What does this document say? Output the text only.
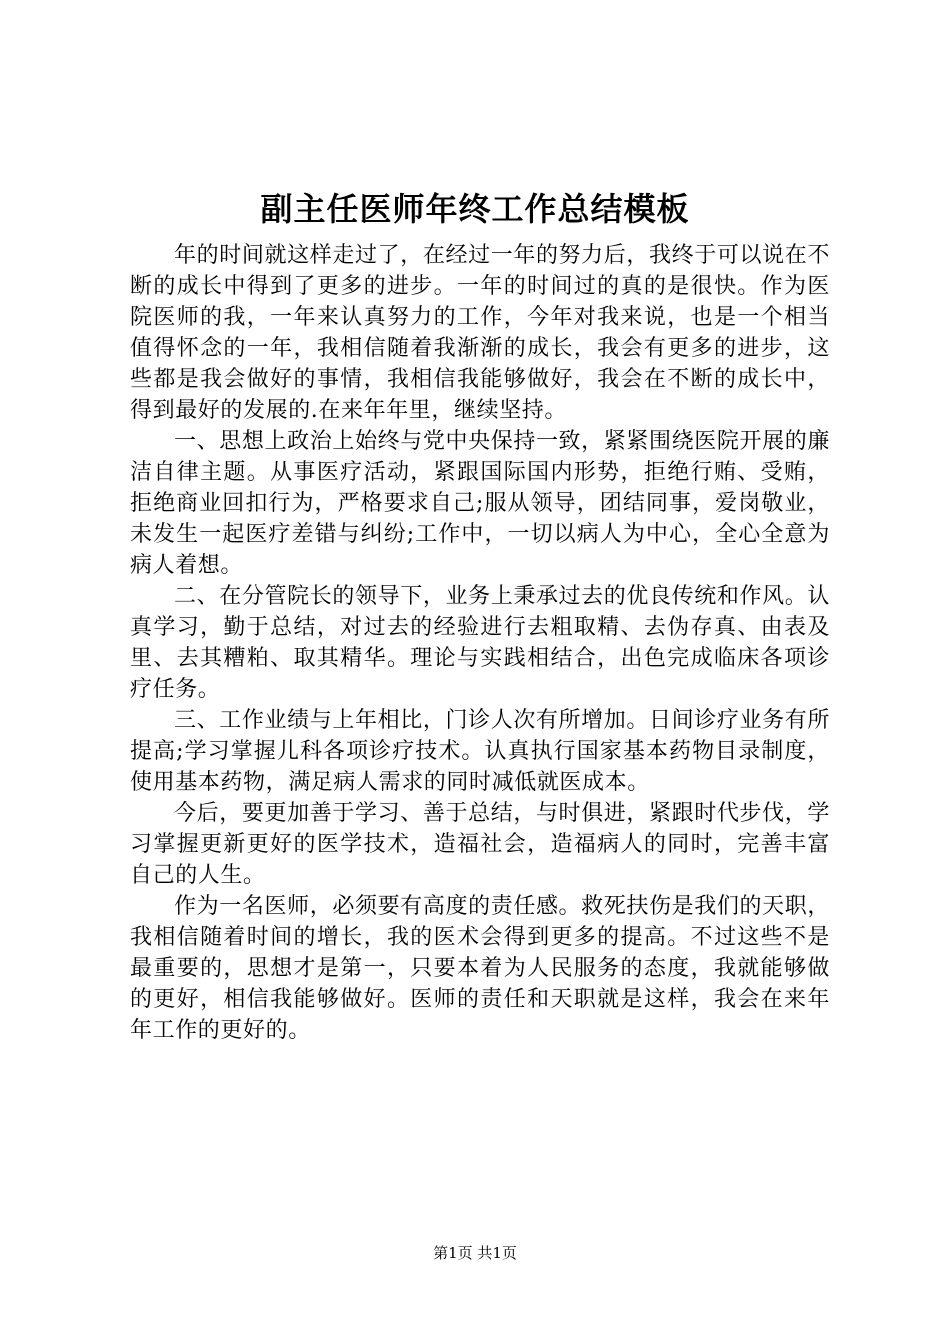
副主任医师年终工作总结模板

年的时间就这样走过了，在经过一年的努力后，我终于可以说在不断的成长中得到了更多的进步。一年的时间过的真的是很快。作为医院医师的我，一年来认真努力的工作，今年对我来说，也是一个相当值得怀念的一年，我相信随着我渐渐的成长，我会有更多的进步，这些都是我会做好的事情，我相信我能够做好，我会在不断的成长中，得到最好的发展的.在来年年里，继续坚持。

一、思想上政治上始终与党中央保持一致，紧紧围绕医院开展的廉洁自律主题。从事医疗活动，紧跟国际国内形势，拒绝行贿、受贿，拒绝商业回扣行为，严格要求自己;服从领导，团结同事，爱岗敬业，未发生一起医疗差错与纠纷;工作中，一切以病人为中心，全心全意为病人着想。

二、在分管院长的领导下，业务上秉承过去的优良传统和作风。认真学习，勤于总结，对过去的经验进行去粗取精、去伪存真、由表及里、去其糟粕、取其精华。理论与实践相结合，出色完成临床各项诊疗任务。

三、工作业绩与上年相比，门诊人次有所增加。日间诊疗业务有所提高;学习掌握儿科各项诊疗技术。认真执行国家基本药物目录制度，使用基本药物，满足病人需求的同时减低就医成本。

今后，要更加善于学习、善于总结，与时俱进，紧跟时代步伐，学习掌握更新更好的医学技术，造福社会，造福病人的同时，完善丰富自己的人生。

作为一名医师，必须要有高度的责任感。救死扶伤是我们的天职，我相信随着时间的增长，我的医术会得到更多的提高。不过这些不是最重要的，思想才是第一，只要本着为人民服务的态度，我就能够做的更好，相信我能够做好。医师的责任和天职就是这样，我会在来年年工作的更好的。

第1页 共1页
